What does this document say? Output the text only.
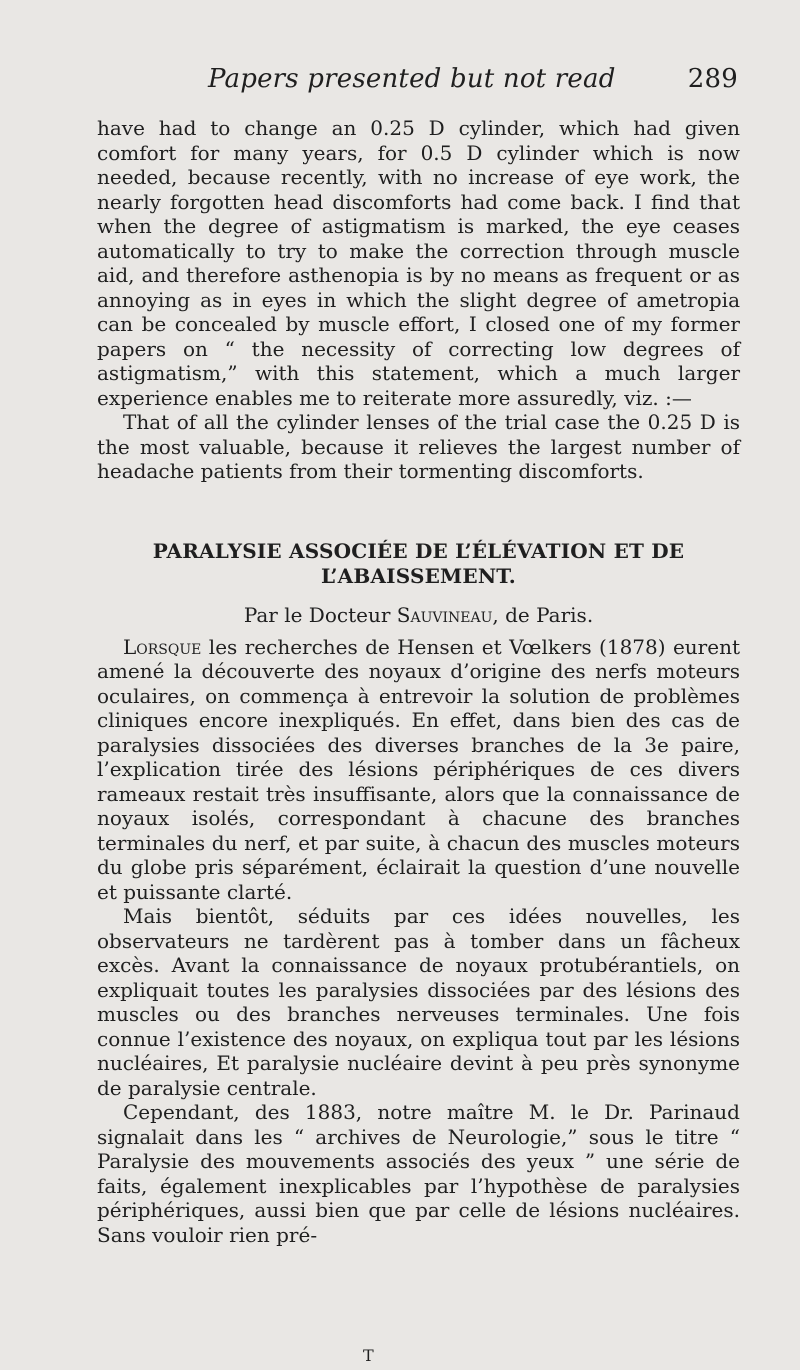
Papers presented but not read	289

have had to change an 0.25 D cylinder, which had given comfort for many years, for 0.5 D cylinder which is now needed, because recently, with no increase of eye work, the nearly forgotten head discomforts had come back. I find that when the degree of astigmatism is marked, the eye ceases automatically to try to make the correction through muscle aid, and therefore asthenopia is by no means as frequent or as annoying as in eyes in which the slight degree of ametropia can be concealed by muscle effort, I closed one of my former papers on “ the necessity of correcting low degrees of astigmatism,” with this statement, which a much larger experience enables me to reiterate more assuredly, viz. :—

That of all the cylinder lenses of the trial case the 0.25 D is the most valuable, because it relieves the largest number of headache patients from their tormenting discomforts.

PARALYSIE ASSOCIÉE DE L’ÉLÉVATION ET DE L’ABAISSEMENT.

Par le Docteur Sauvineau, de Paris.

Lorsque les recherches de Hensen et Vœlkers (1878) eurent amené la découverte des noyaux d’origine des nerfs moteurs oculaires, on commença à entrevoir la solution de problèmes cliniques encore inexpliqués. En effet, dans bien des cas de paralysies dissociées des diverses branches de la 3e paire, l’explication tirée des lésions périphériques de ces divers rameaux restait très insuffisante, alors que la connaissance de noyaux isolés, correspondant à chacune des branches terminales du nerf, et par suite, à chacun des muscles moteurs du globe pris séparément, éclairait la question d’une nouvelle et puissante clarté.

Mais bientôt, séduits par ces idées nouvelles, les observateurs ne tardèrent pas à tomber dans un fâcheux excès. Avant la connaissance de noyaux protubérantiels, on expliquait toutes les paralysies dissociées par des lésions des muscles ou des branches nerveuses terminales. Une fois connue l’existence des noyaux, on expliqua tout par les lésions nucléaires, Et paralysie nucléaire devint à peu près synonyme de paralysie centrale.

Cependant, des 1883, notre maître M. le Dr. Parinaud signalait dans les “ archives de Neurologie,” sous le titre “ Paralysie des mouvements associés des yeux ” une série de faits, également inexplicables par l’hypothèse de paralysies périphériques, aussi bien que par celle de lésions nucléaires. Sans vouloir rien pré-

T
